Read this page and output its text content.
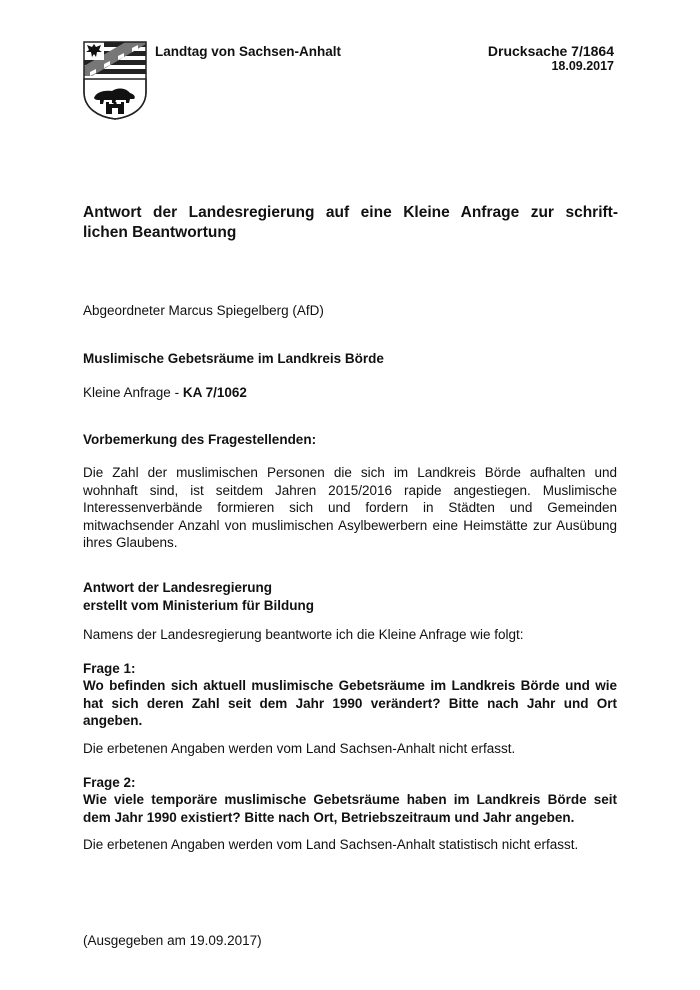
Landtag von Sachsen-Anhalt	Drucksache 7/1864
18.09.2017
Antwort der Landesregierung auf eine Kleine Anfrage zur schrift-
lichen Beantwortung
Abgeordneter Marcus Spiegelberg (AfD)
Muslimische Gebetsräume im Landkreis Börde
Kleine Anfrage - KA 7/1062
Vorbemerkung des Fragestellenden:
Die Zahl der muslimischen Personen die sich im Landkreis Börde aufhalten und wohnhaft sind, ist seitdem Jahren 2015/2016 rapide angestiegen. Muslimische Interessenverbände formieren sich und fordern in Städten und Gemeinden mitwachsender Anzahl von muslimischen Asylbewerbern eine Heimstätte zur Ausübung ihres Glaubens.
Antwort der Landesregierung
erstellt vom Ministerium für Bildung
Namens der Landesregierung beantworte ich die Kleine Anfrage wie folgt:
Frage 1:
Wo befinden sich aktuell muslimische Gebetsräume im Landkreis Börde und wie hat sich deren Zahl seit dem Jahr 1990 verändert? Bitte nach Jahr und Ort angeben.
Die erbetenen Angaben werden vom Land Sachsen-Anhalt nicht erfasst.
Frage 2:
Wie viele temporäre muslimische Gebetsräume haben im Landkreis Börde seit dem Jahr 1990 existiert? Bitte nach Ort, Betriebszeitraum und Jahr angeben.
Die erbetenen Angaben werden vom Land Sachsen-Anhalt statistisch nicht erfasst.
(Ausgegeben am 19.09.2017)
